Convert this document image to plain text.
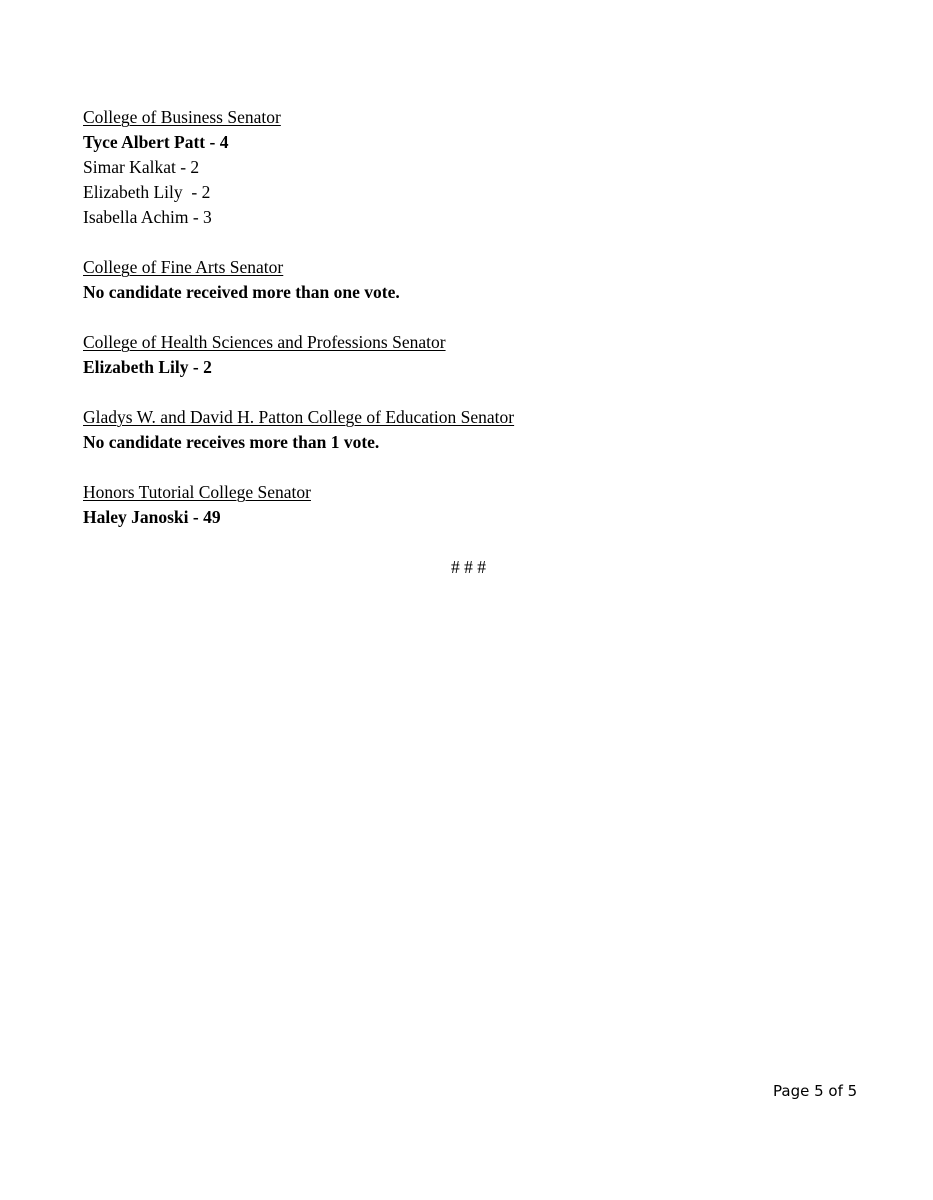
College of Business Senator
Tyce Albert Patt - 4
Simar Kalkat - 2
Elizabeth Lily  - 2
Isabella Achim - 3
College of Fine Arts Senator
No candidate received more than one vote.
College of Health Sciences and Professions Senator
Elizabeth Lily - 2
Gladys W. and David H. Patton College of Education Senator
No candidate receives more than 1 vote.
Honors Tutorial College Senator
Haley Janoski - 49
# # #
Page 5 of 5
